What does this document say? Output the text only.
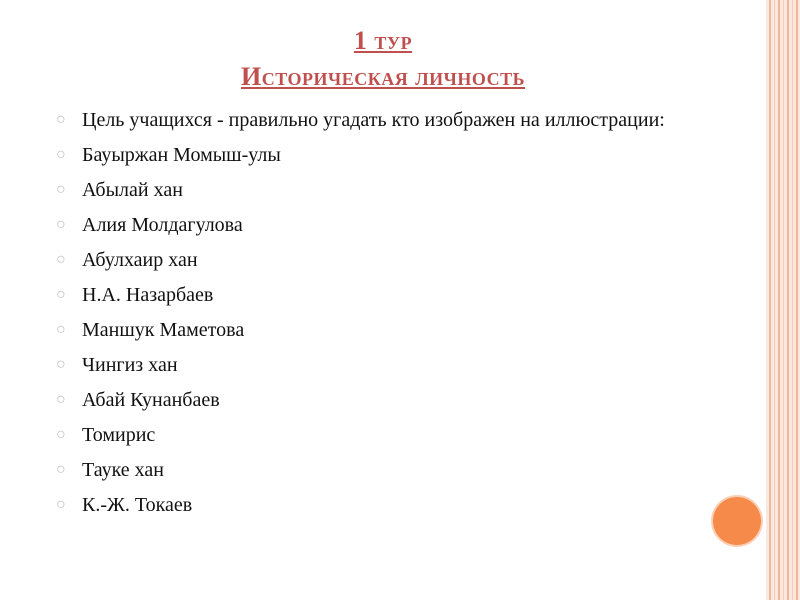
1 тур
Историческая личность
○ Цель учащихся - правильно угадать кто изображен на иллюстрации:
○ Бауыржан Момыш-улы
○ Абылай хан
○ Алия Молдагулова
○ Абулхаир хан
○ Н.А. Назарбаев
○ Маншук Маметова
○ Чингиз хан
○ Абай Кунанбаев
○ Томирис
○ Тауке хан
○ К.-Ж. Токаев
